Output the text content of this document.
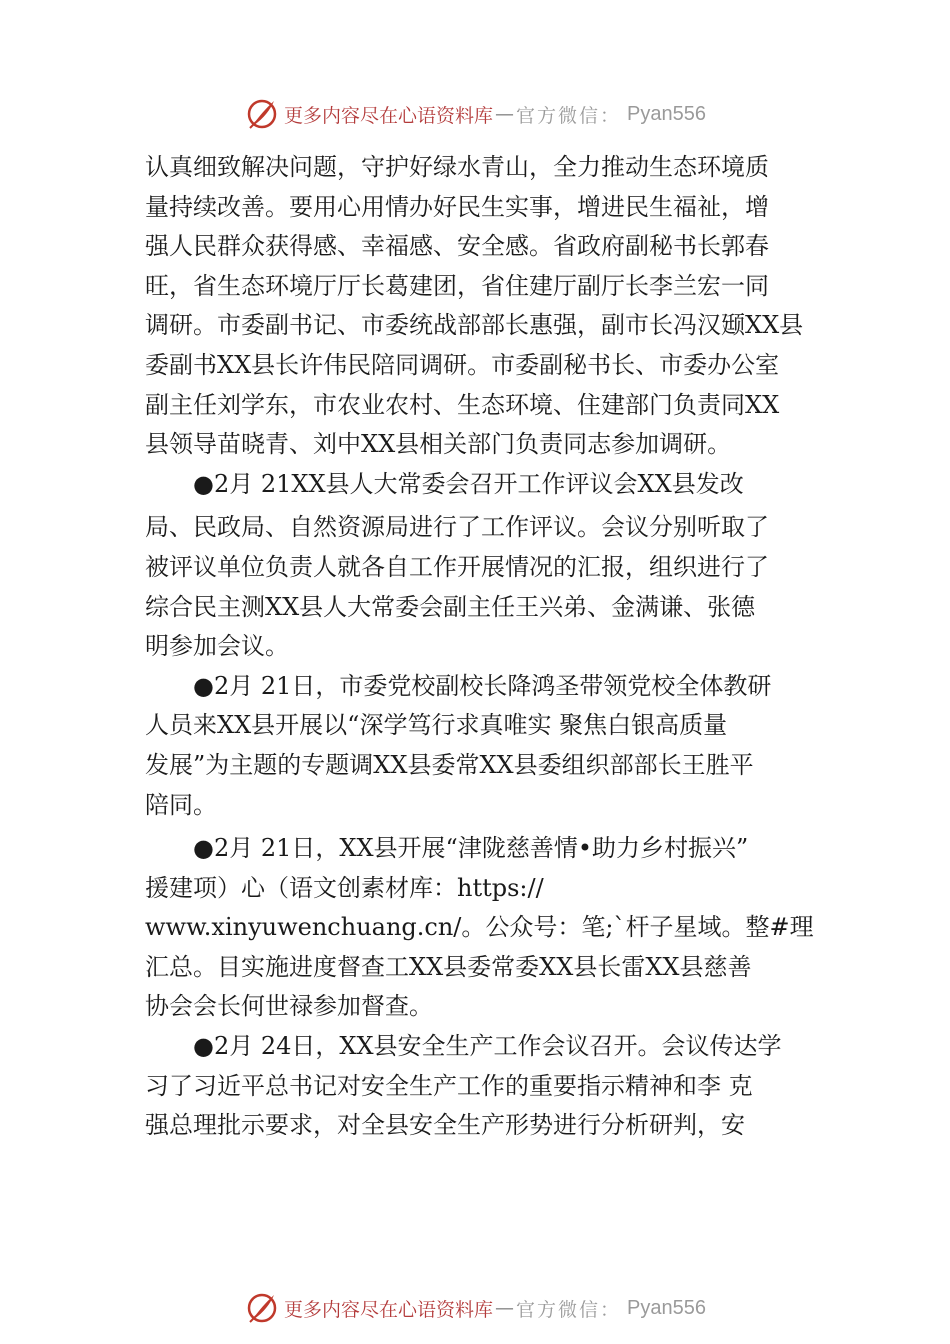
更多内容尽在心语资料库 — 官方微信： Pyan556
认真细致解决问题，守护好绿水青山，全力推动生态环境质
量持续改善。要用心用情办好民生实事，增进民生福祉，增
强人民群众获得感、幸福感、安全感。省政府副秘书长郭春
旺，省生态环境厅厅长葛建团，省住建厅副厅长李兰宏一同
调研。市委副书记、市委统战部部长惠强，副市长冯汉颋XX县
委副书XX县长许伟民陪同调研。市委副秘书长、市委办公室
副主任刘学东，市农业农村、生态环境、住建部门负责同XX
县领导苗晓青、刘中XX县相关部门负责同志参加调研。
●2月 21XX县人大常委会召开工作评议会XX县发改
局、民政局、自然资源局进行了工作评议。会议分别听取了
被评议单位负责人就各自工作开展情况的汇报，组织进行了
综合民主测XX县人大常委会副主任王兴弟、金满谦、张德
明参加会议。
●2月 21日，市委党校副校长降鸿圣带领党校全体教研
人员来XX县开展以“深学笃行求真唯实 聚焦白银高质量
发展”为主题的专题调XX县委常XX县委组织部部长王胜平
陪同。
●2月 21日，XX县开展“津陇慈善情•助力乡村振兴”
援建项）心（语文创素材库：https://
www.xinyuwenchuang.cn/。公众号：笔;`杆子星域。整#理
汇总。目实施进度督查工XX县委常委XX县长雷XX县慈善
协会会长何世禄参加督查。
●2月 24日，XX县安全生产工作会议召开。会议传达学
习了习近平总书记对安全生产工作的重要指示精神和李 克
强总理批示要求，对全县安全生产形势进行分析研判，安
更多内容尽在心语资料库 — 官方微信： Pyan556
